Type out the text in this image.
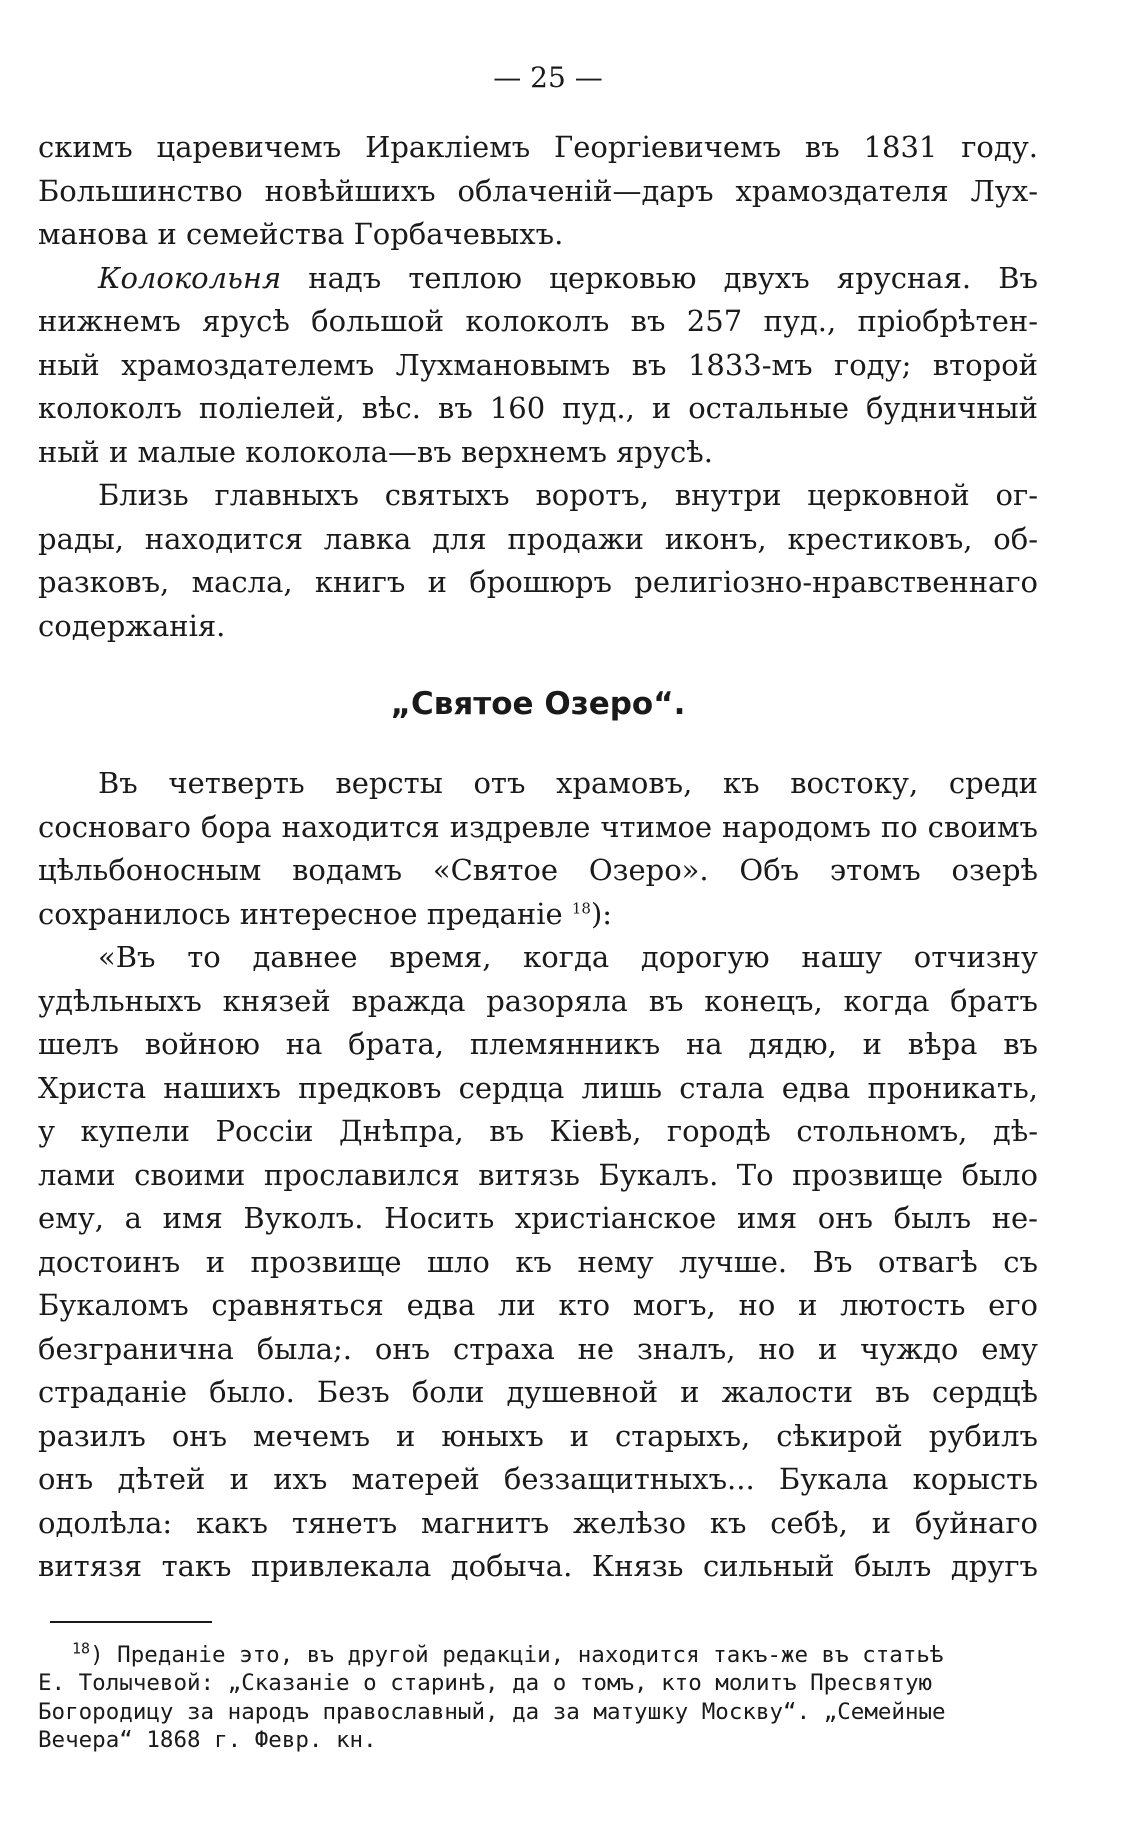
— 25 —

скимъ царевичемъ Ираклiемъ Георгiевичемъ въ 1831 году.
Большинство новѣйшихъ облаченiй—даръ храмоздателя Лух-
манова и семейства Горбачевыхъ.

Колокольня надъ теплою церковью двухъ ярусная. Въ
нижнемъ ярусѣ большой колоколъ въ 257 пуд., прiобрѣтен-
ный храмоздателемъ Лухмановымъ въ 1833-мъ году; второй
колоколъ полiелей, вѣс. въ 160 пуд., и остальные будничный
ный и малые колокола—въ верхнемъ ярусѣ.

Близь главныхъ святыхъ воротъ, внутри церковной ог-
рады, находится лавка для продажи иконъ, крестиковъ, об-
разковъ, масла, книгъ и брошюръ религiозно-нравственнаго
содержанiя.

„Святое Озеро“.

Въ четверть версты отъ храмовъ, къ востоку, среди
сосноваго бора находится издревле чтимое народомъ по своимъ
цѣльбоносным водамъ «Святое Озеро». Объ этомъ озерѣ
сохранилось интересное преданiе $^{18}$):

«Въ то давнее время, когда дорогую нашу отчизну
удѣльныхъ князей вражда разоряла въ конецъ, когда братъ
шелъ войною на брата, племянникъ на дядю, и вѣра въ
Христа нашихъ предковъ сердца лишь стала едва проникать,
у купели Россiи Днѣпра, въ Кiевѣ, городѣ стольномъ, дѣ-
лами своими прославился витязь Букалъ. То прозвище было
ему, а имя Вуколъ. Носить христiанское имя онъ былъ не-
достоинъ и прозвище шло къ нему лучше. Въ отвагѣ съ
Букаломъ сравняться едва ли кто могъ, но и лютость его
безгранична была;. онъ страха не зналъ, но и чуждо ему
страданiе было. Безъ боли душевной и жалости въ сердцѣ
разилъ онъ мечемъ и юныхъ и старыхъ, сѣкирой рубилъ
онъ дѣтей и ихъ матерей беззащитныхъ... Букала корысть
одолѣла: какъ тянетъ магнитъ желѣзо къ себѣ, и буйнаго
витязя такъ привлекала добыча. Князь сильный былъ другъ

$^{18}$) Преданiе это, въ другой редакцiи, находится такъ-же въ статьѣ
Е. Толычевой: „Сказанiе о старинѣ, да о томъ, кто молитъ Пресвятую
Богородицу за народъ православный, да за матушку Москву“. „Семейные
Вечера“ 1868 г. Февр. кн.
